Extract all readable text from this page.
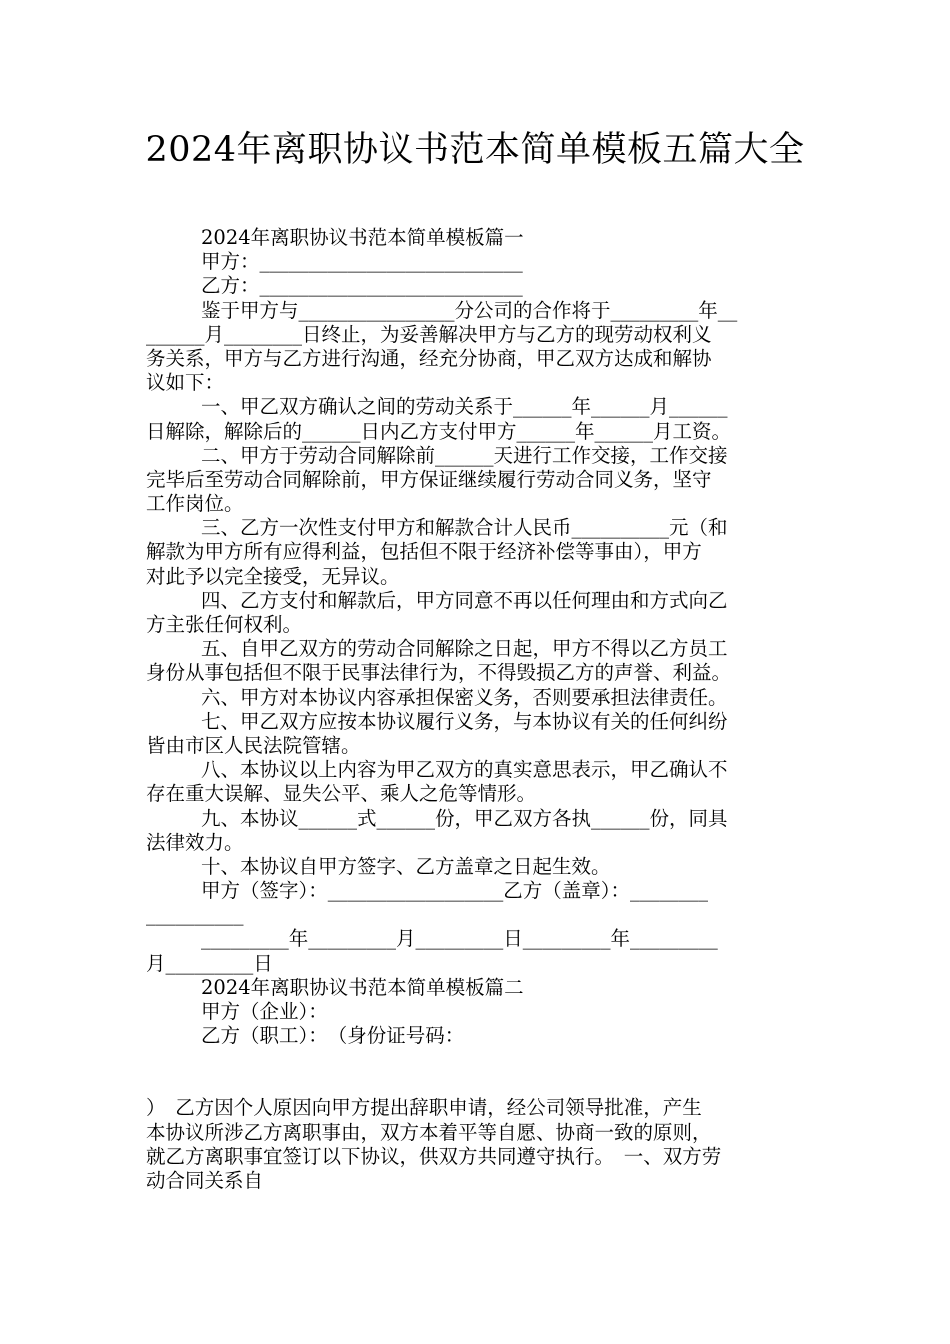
2024年离职协议书范本简单模板五篇大全
2024年离职协议书范本简单模板篇一
甲方：___________________________
乙方：___________________________
鉴于甲方与________________分公司的合作将于_________年__
______月________日终止，为妥善解决甲方与乙方的现劳动权利义
务关系，甲方与乙方进行沟通，经充分协商，甲乙双方达成和解协
议如下：
一、甲乙双方确认之间的劳动关系于______年______月______
日解除，解除后的______日内乙方支付甲方______年______月工资。
二、甲方于劳动合同解除前______天进行工作交接，工作交接
完毕后至劳动合同解除前，甲方保证继续履行劳动合同义务，坚守
工作岗位。
三、乙方一次性支付甲方和解款合计人民币__________元（和
解款为甲方所有应得利益，包括但不限于经济补偿等事由），甲方
对此予以完全接受，无异议。
四、乙方支付和解款后，甲方同意不再以任何理由和方式向乙
方主张任何权利。
五、自甲乙双方的劳动合同解除之日起，甲方不得以乙方员工
身份从事包括但不限于民事法律行为，不得毁损乙方的声誉、利益。
六、甲方对本协议内容承担保密义务，否则要承担法律责任。
七、甲乙双方应按本协议履行义务，与本协议有关的任何纠纷
皆由市区人民法院管辖。
八、本协议以上内容为甲乙双方的真实意思表示，甲乙确认不
存在重大误解、显失公平、乘人之危等情形。
九、本协议______式______份，甲乙双方各执______份，同具
法律效力。
十、本协议自甲方签字、乙方盖章之日起生效。
甲方（签字）：__________________乙方（盖章）：________
__________
_________年_________月_________日_________年_________
月_________日
2024年离职协议书范本简单模板篇二
甲方（企业）：
乙方（职工）：　（身份证号码：
）　乙方因个人原因向甲方提出辞职申请，经公司领导批准，产生
本协议所涉乙方离职事由，双方本着平等自愿、协商一致的原则，
就乙方离职事宜签订以下协议，供双方共同遵守执行。　一、双方劳
动合同关系自
